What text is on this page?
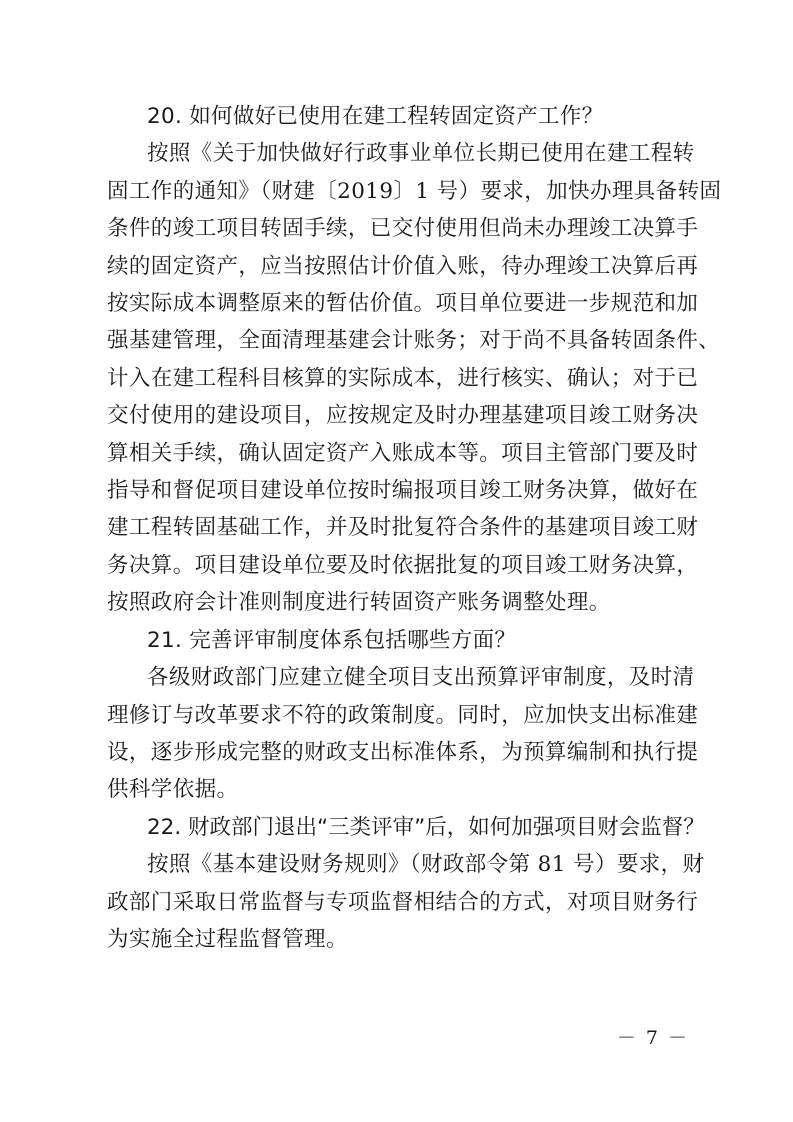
20. 如何做好已使用在建工程转固定资产工作？
按照《关于加快做好行政事业单位长期已使用在建工程转
固工作的通知》（财建〔2019〕1 号）要求，加快办理具备转固
条件的竣工项目转固手续，已交付使用但尚未办理竣工决算手
续的固定资产，应当按照估计价值入账，待办理竣工决算后再
按实际成本调整原来的暂估价值。项目单位要进一步规范和加
强基建管理，全面清理基建会计账务；对于尚不具备转固条件、
计入在建工程科目核算的实际成本，进行核实、确认；对于已
交付使用的建设项目，应按规定及时办理基建项目竣工财务决
算相关手续，确认固定资产入账成本等。项目主管部门要及时
指导和督促项目建设单位按时编报项目竣工财务决算，做好在
建工程转固基础工作，并及时批复符合条件的基建项目竣工财
务决算。项目建设单位要及时依据批复的项目竣工财务决算，
按照政府会计准则制度进行转固资产账务调整处理。
21. 完善评审制度体系包括哪些方面？
各级财政部门应建立健全项目支出预算评审制度，及时清
理修订与改革要求不符的政策制度。同时，应加快支出标准建
设，逐步形成完整的财政支出标准体系，为预算编制和执行提
供科学依据。
22. 财政部门退出“三类评审”后，如何加强项目财会监督？
按照《基本建设财务规则》（财政部令第 81 号）要求，财
政部门采取日常监督与专项监督相结合的方式，对项目财务行
为实施全过程监督管理。
－ 7 －
